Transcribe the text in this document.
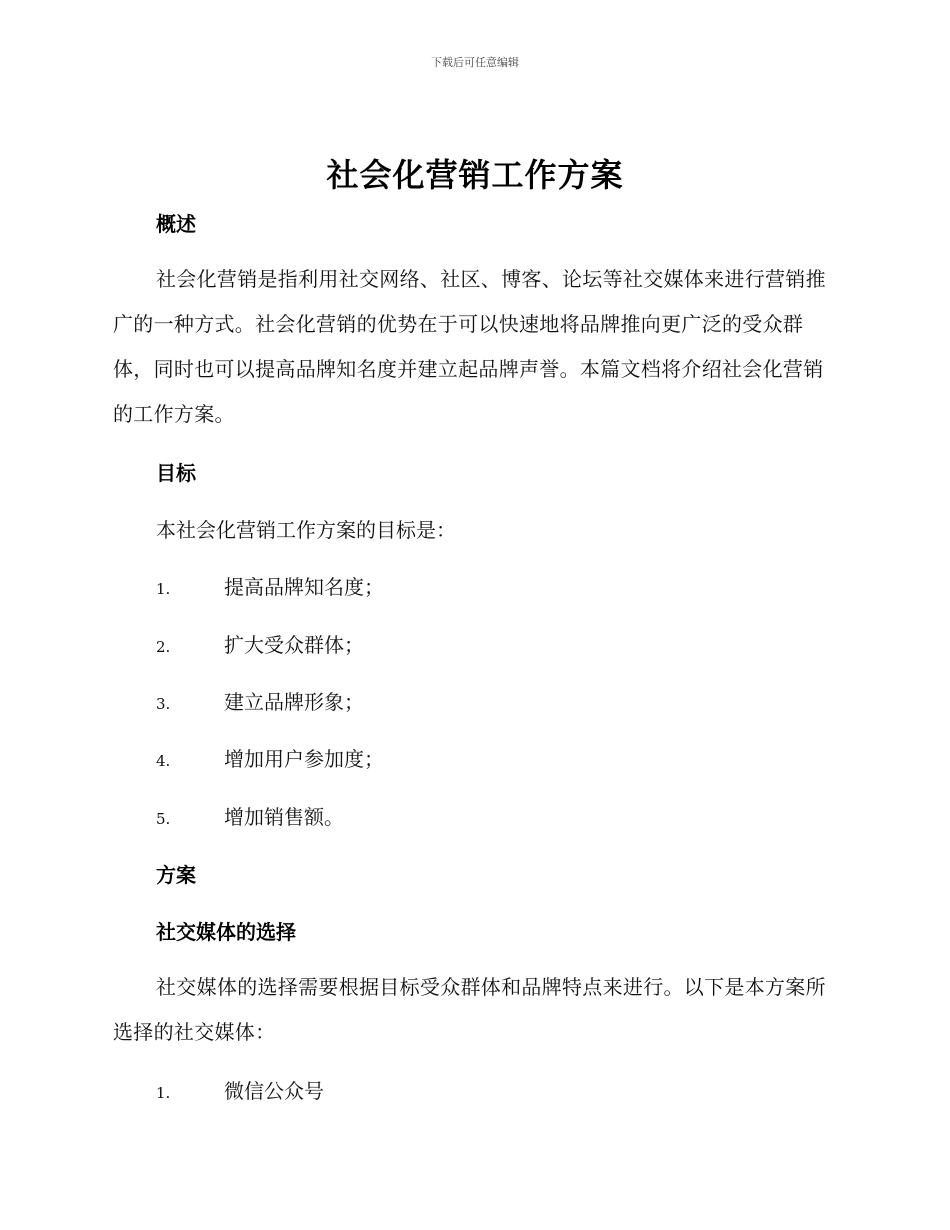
下载后可任意编辑
社会化营销工作方案
概述

社会化营销是指利用社交网络、社区、博客、论坛等社交媒体来进行营销推广的一种方式。社会化营销的优势在于可以快速地将品牌推向更广泛的受众群体，同时也可以提高品牌知名度并建立起品牌声誉。本篇文档将介绍社会化营销的工作方案。

目标
本社会化营销工作方案的目标是：
1.	提高品牌知名度；
2.	扩大受众群体；
3.	建立品牌形象；
4.	增加用户参加度；
5.	增加销售额。
方案
社交媒体的选择

社交媒体的选择需要根据目标受众群体和品牌特点来进行。以下是本方案所选择的社交媒体：

1.	微信公众号
